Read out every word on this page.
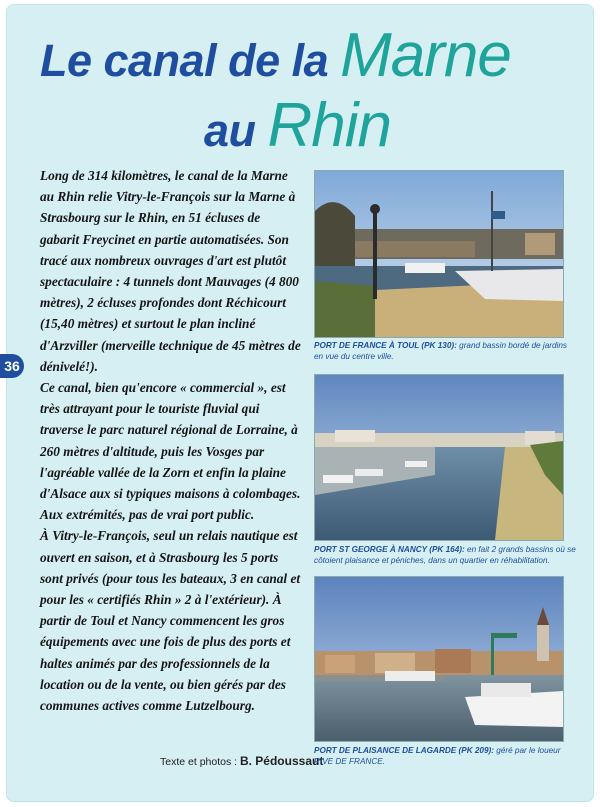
Le canal de la Marne
au Rhin
36

Long de 314 kilomètres, le canal de la Marne au Rhin relie Vitry-le-François sur la Marne à Strasbourg sur le Rhin, en 51 écluses de gabarit Freycinet en partie automatisées. Son tracé aux nombreux ouvrages d'art est plutôt spectaculaire : 4 tunnels dont Mauvages (4 800 mètres), 2 écluses profondes dont Réchicourt (15,40 mètres) et surtout le plan incliné d'Arzviller (merveille technique de 45 mètres de dénivelé!).

Ce canal, bien qu'encore « commercial », est très attrayant pour le touriste fluvial qui traverse le parc naturel régional de Lorraine, à 260 mètres d'altitude, puis les Vosges par l'agréable vallée de la Zorn et enfin la plaine d'Alsace aux si typiques maisons à colombages. Aux extrémités, pas de vrai port public.

À Vitry-le-François, seul un relais nautique est ouvert en saison, et à Strasbourg les 5 ports sont privés (pour tous les bateaux, 3 en canal et pour les « certifiés Rhin » 2 à l'extérieur). À partir de Toul et Nancy commencent les gros équipements avec une fois de plus des ports et haltes animés par des professionnels de la location ou de la vente, ou bien gérés par des communes actives comme Lutzelbourg.

Texte et photos : B. Pédoussaut
PORT DE FRANCE À TOUL (PK 130): grand bassin bordé de jardins en vue du centre ville.
PORT ST GEORGE À NANCY (PK 164): en fait 2 grands bassins où se côtoient plaisance et péniches, dans un quartier en réhabilitation.
PORT DE PLAISANCE DE LAGARDE (PK 209): géré par le loueur RIVE DE FRANCE.
